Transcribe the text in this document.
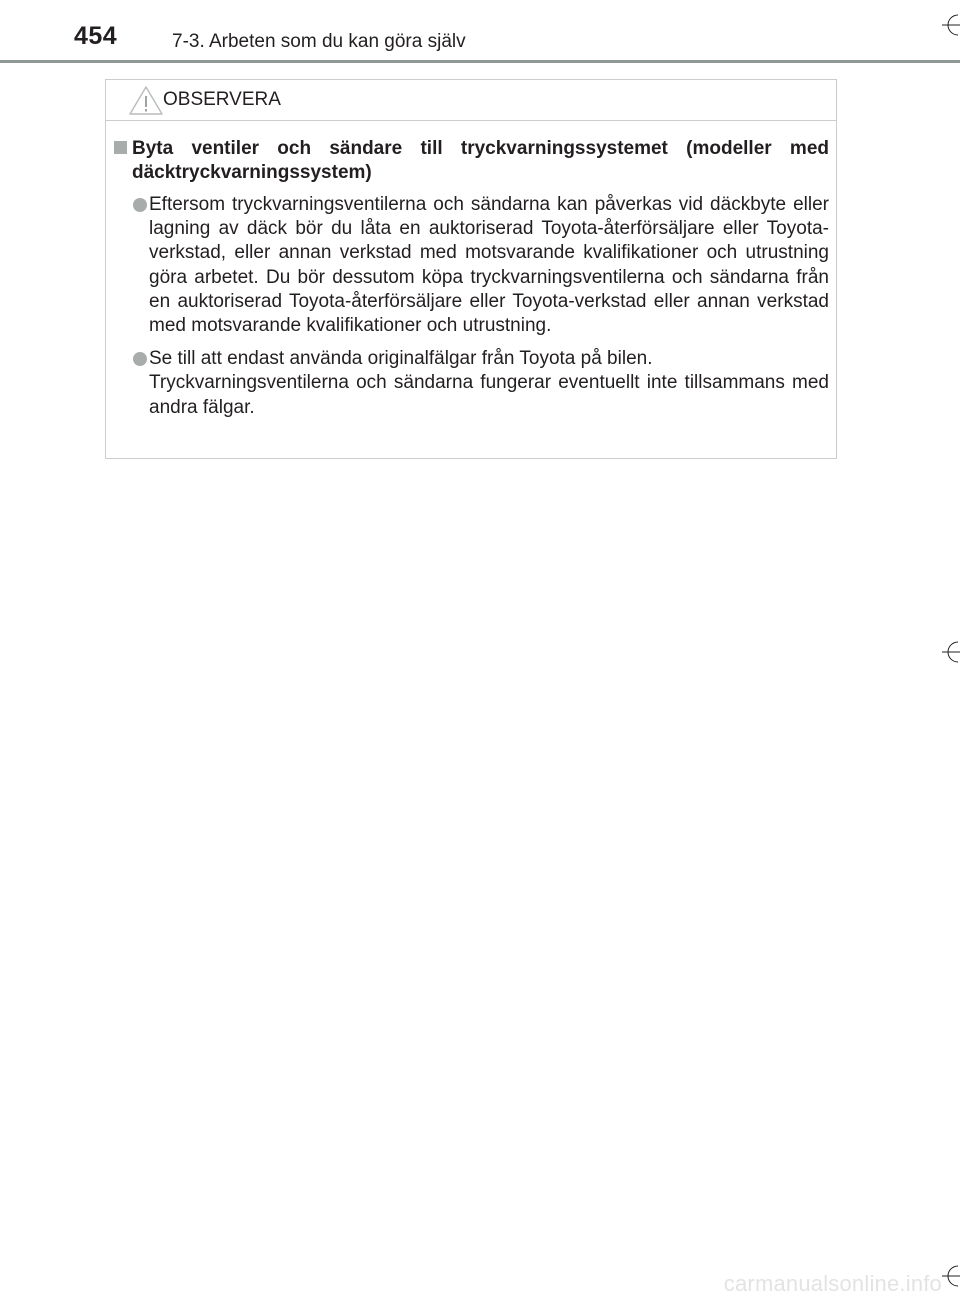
454	7-3. Arbeten som du kan göra själv
OBSERVERA
Byta ventiler och sändare till tryckvarningssystemet (modeller med däcktryckvarningssystem)

Eftersom tryckvarningsventilerna och sändarna kan påverkas vid däckbyte eller lagning av däck bör du låta en auktoriserad Toyota-återförsäljare eller Toyota-verkstad, eller annan verkstad med motsvarande kvalifikationer och utrustning göra arbetet. Du bör dessutom köpa tryckvarningsventilerna och sändarna från en auktoriserad Toyota-återförsäljare eller Toyota-verkstad eller annan verkstad med motsvarande kvalifikationer och utrustning.

Se till att endast använda originalfälgar från Toyota på bilen.

Tryckvarningsventilerna och sändarna fungerar eventuellt inte tillsammans med andra fälgar.

carmanualsonline.info
